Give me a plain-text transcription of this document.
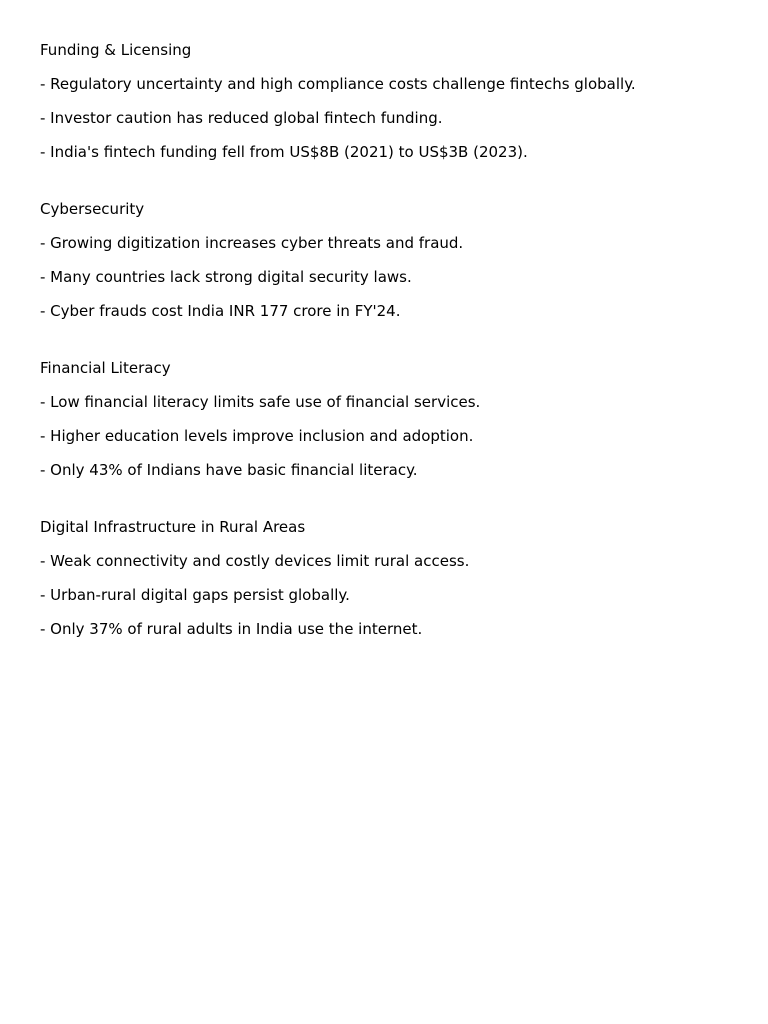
Funding & Licensing
- Regulatory uncertainty and high compliance costs challenge fintechs globally.
- Investor caution has reduced global fintech funding.
- India's fintech funding fell from US$8B (2021) to US$3B (2023).
Cybersecurity
- Growing digitization increases cyber threats and fraud.
- Many countries lack strong digital security laws.
- Cyber frauds cost India INR 177 crore in FY'24.
Financial Literacy
- Low financial literacy limits safe use of financial services.
- Higher education levels improve inclusion and adoption.
- Only 43% of Indians have basic financial literacy.
Digital Infrastructure in Rural Areas
- Weak connectivity and costly devices limit rural access.
- Urban-rural digital gaps persist globally.
- Only 37% of rural adults in India use the internet.
